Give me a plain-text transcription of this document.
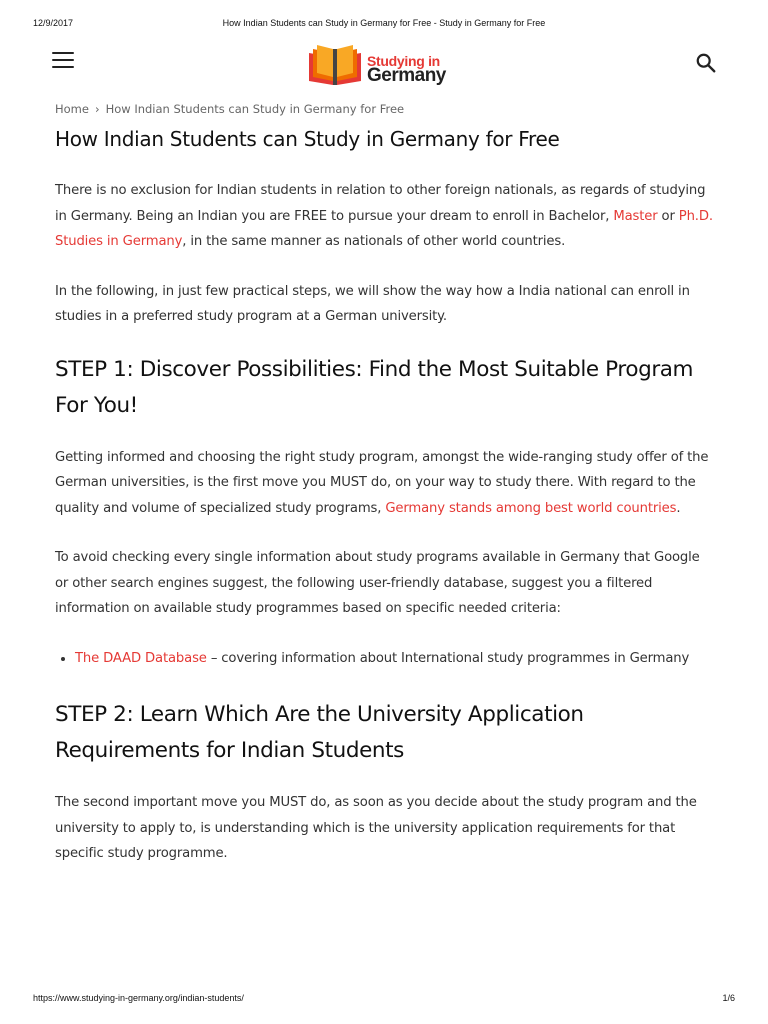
12/9/2017	How Indian Students can Study in Germany for Free - Study in Germany for Free
Studying in
Germany
Home › How Indian Students can Study in Germany for Free
How Indian Students can Study in Germany for Free

There is no exclusion for Indian students in relation to other foreign nationals, as regards of studying in Germany. Being an Indian you are FREE to pursue your dream to enroll in Bachelor, Master or Ph.D. Studies in Germany, in the same manner as nationals of other world countries.

In the following, in just few practical steps, we will show the way how a India national can enroll in studies in a preferred study program at a German university.

STEP 1: Discover Possibilities: Find the Most Suitable Program For You!

Getting informed and choosing the right study program, amongst the wide-ranging study offer of the German universities, is the first move you MUST do, on your way to study there. With regard to the quality and volume of specialized study programs, Germany stands among best world countries.

To avoid checking every single information about study programs available in Germany that Google or other search engines suggest, the following user-friendly database, suggest you a filtered information on available study programmes based on specific needed criteria:

• The DAAD Database – covering information about International study programmes in Germany
STEP 2: Learn Which Are the University Application Requirements for Indian Students

The second important move you MUST do, as soon as you decide about the study program and the university to apply to, is understanding which is the university application requirements for that specific study programme.

https://www.studying-in-germany.org/indian-students/	1/6
